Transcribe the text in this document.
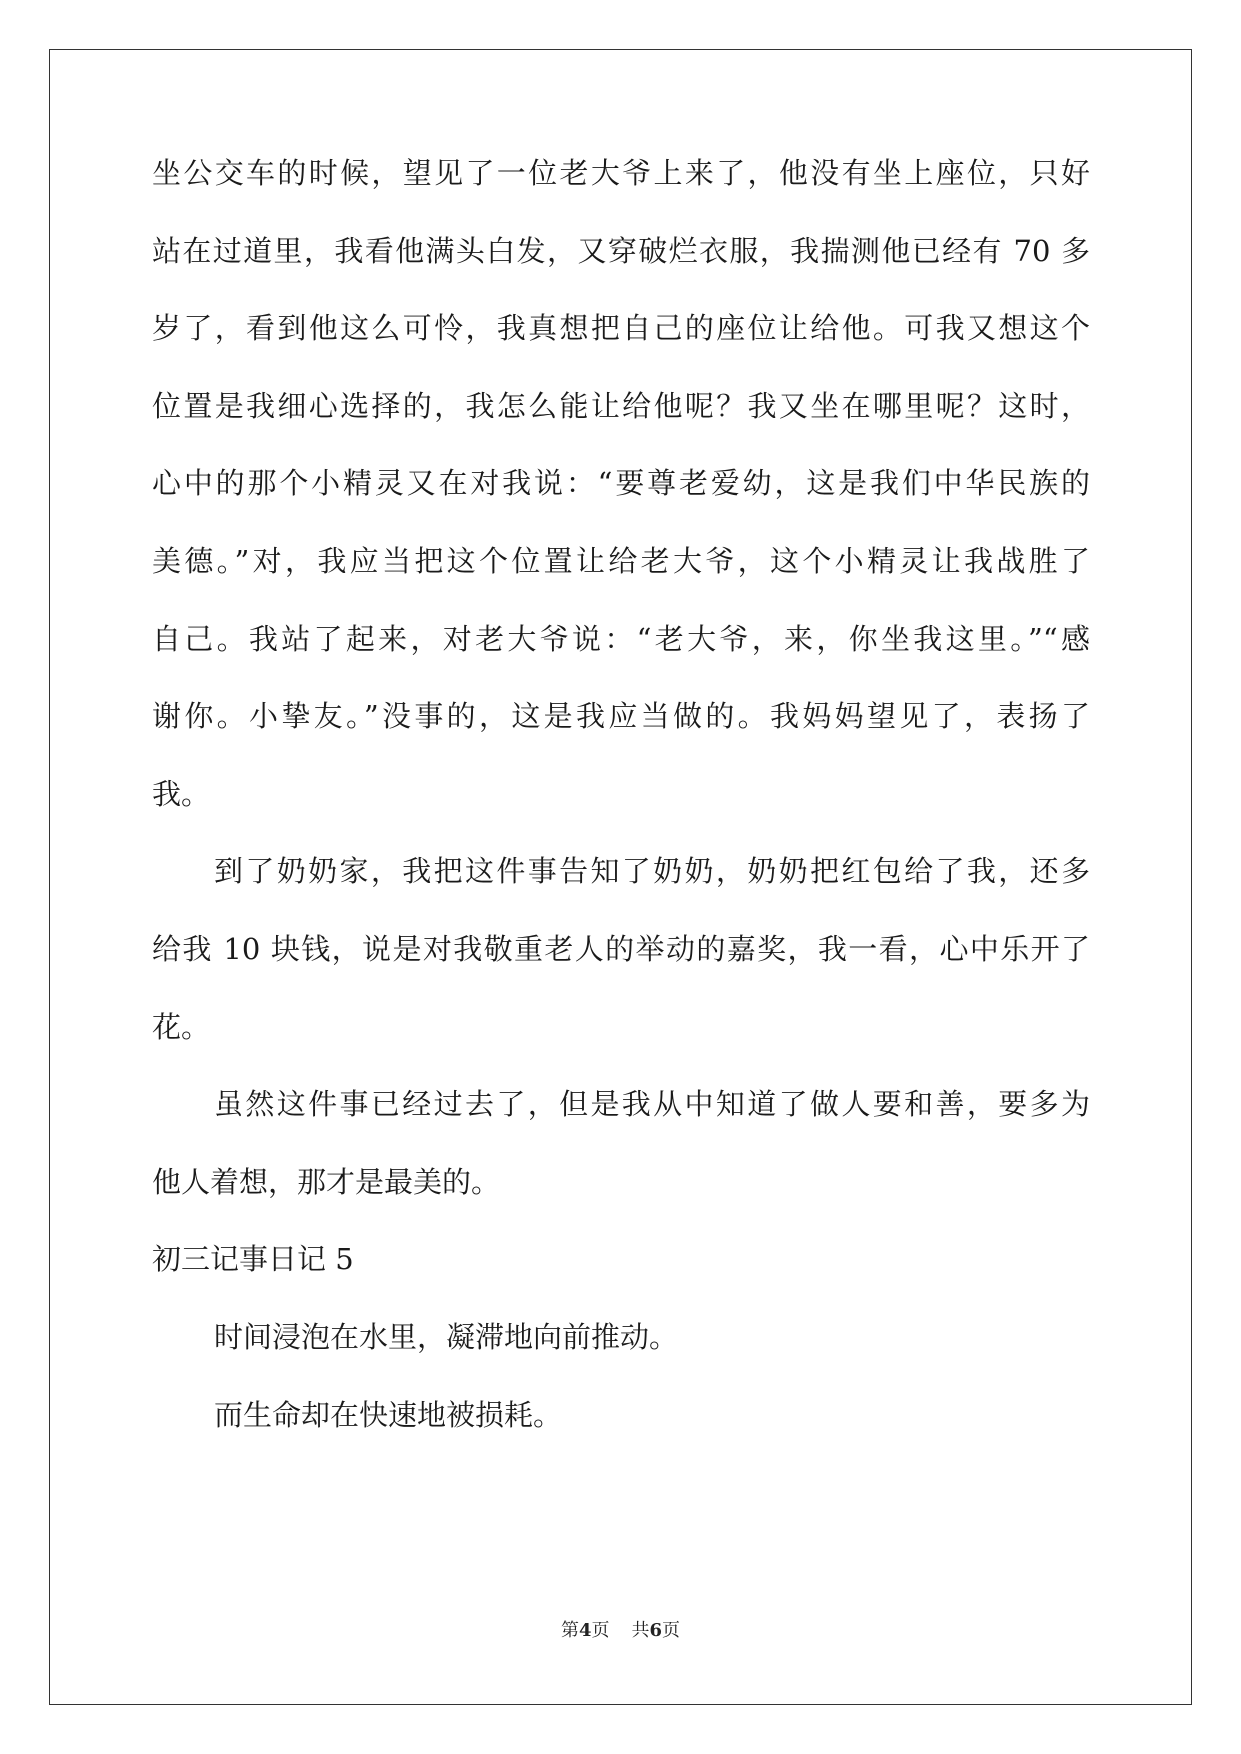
坐公交车的时候，望见了一位老大爷上来了，他没有坐上座位，只好
站在过道里，我看他满头白发，又穿破烂衣服，我揣测他已经有 70 多
岁了，看到他这么可怜，我真想把自己的座位让给他。可我又想这个
位置是我细心选择的，我怎么能让给他呢？我又坐在哪里呢？这时，
心中的那个小精灵又在对我说：“要尊老爱幼，这是我们中华民族的
美德。”对，我应当把这个位置让给老大爷，这个小精灵让我战胜了
自己。我站了起来，对老大爷说：“老大爷，来，你坐我这里。”“感
谢你。小挚友。”没事的，这是我应当做的。我妈妈望见了，表扬了
我。
到了奶奶家，我把这件事告知了奶奶，奶奶把红包给了我，还多
给我 10 块钱，说是对我敬重老人的举动的嘉奖，我一看，心中乐开了
花。
虽然这件事已经过去了，但是我从中知道了做人要和善，要多为
他人着想，那才是最美的。
初三记事日记 5
时间浸泡在水里，凝滞地向前推动。
而生命却在快速地被损耗。
第4页 共6页
